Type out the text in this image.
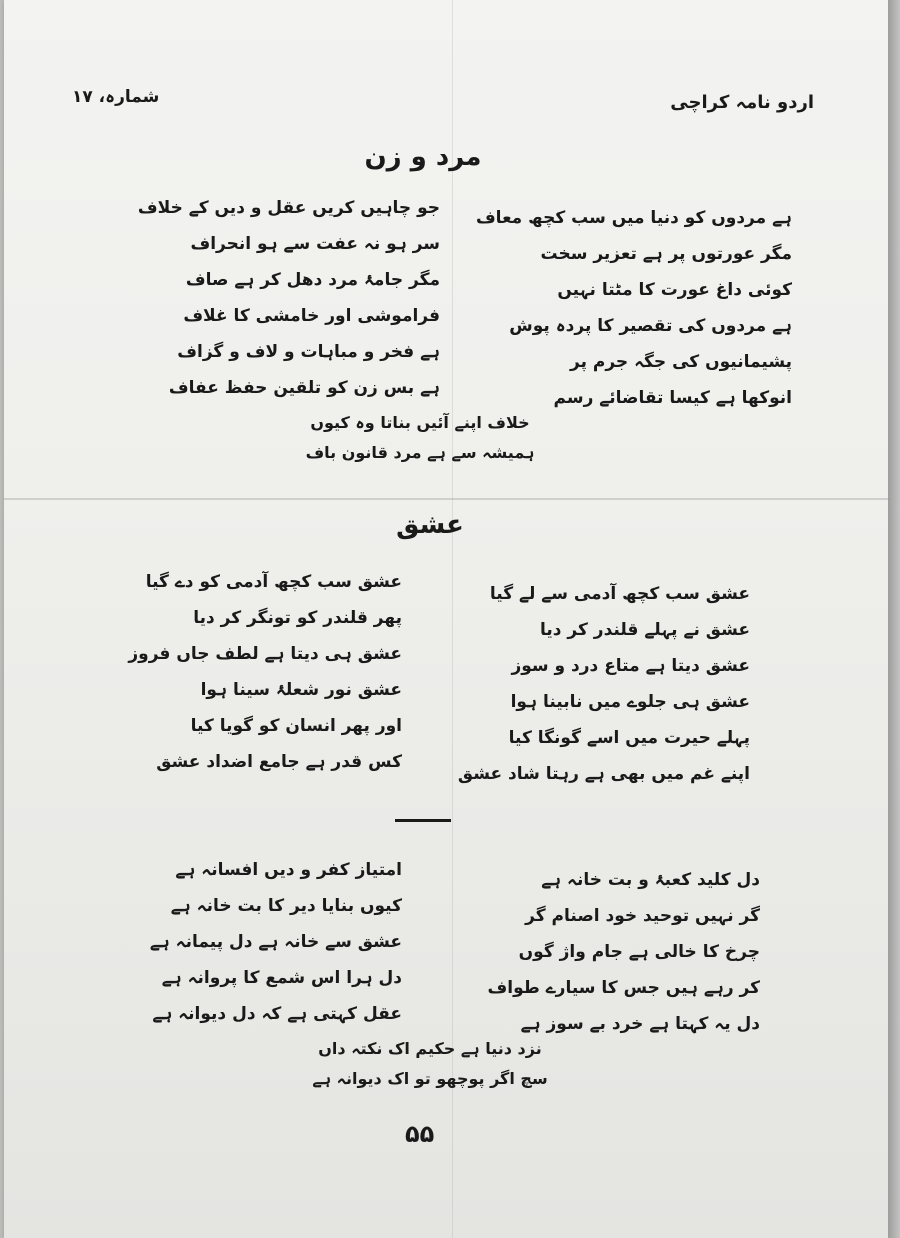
شمارہ، ۱۷	اردو نامہ کراچی
مرد و زن
ہے مردوں کو دنیا میں سب کچھ معاف
مگر عورتوں پر ہے تعزیر سخت
کوئی داغ عورت کا مٹتا نہیں
ہے مردوں کی تقصیر کا پردہ پوش
پشیمانیوں کی جگہ جرم پر
انوکھا ہے کیسا تقاضائے رسم
جو چاہیں کریں عقل و دیں کے خلاف
سر ہو نہ عفت سے ہو انحراف
مگر جامۂ مرد دھل کر ہے صاف
فراموشی اور خامشی کا غلاف
ہے فخر و مباہات و لاف و گزاف
ہے بس زن کو تلقین حفظ عفاف
خلاف اپنے آئیں بناتا وہ کیوں
ہمیشہ سے ہے مرد قانون باف
عشق
عشق سب کچھ آدمی سے لے گیا
عشق نے پہلے قلندر کر دیا
عشق دیتا ہے متاع درد و سوز
عشق ہی جلوے میں نابینا ہوا
پہلے حیرت میں اسے گونگا کیا
اپنے غم میں بھی ہے رہتا شاد عشق
عشق سب کچھ آدمی کو دے گیا
پھر قلندر کو تونگر کر دیا
عشق ہی دیتا ہے لطف جاں فروز
عشق نور شعلۂ سینا ہوا
اور پھر انسان کو گویا کیا
کس قدر ہے جامع اضداد عشق
دل کلید کعبۂ و بت خانہ ہے
گر نہیں توحید خود اصنام گر
چرخ کا خالی ہے جام واژ گوں
کر رہے ہیں جس کا سیارے طواف
دل یہ کہتا ہے خرد بے سوز ہے
امتیاز کفر و دیں افسانہ ہے
کیوں بنایا دیر کا بت خانہ ہے
عشق سے خانہ ہے دل پیمانہ ہے
دل ہرا اس شمع کا پروانہ ہے
عقل کہتی ہے کہ دل دیوانہ ہے
نزد دنیا ہے حکیم اک نکتہ داں
سچ اگر پوچھو تو اک دیوانہ ہے
۵۵
